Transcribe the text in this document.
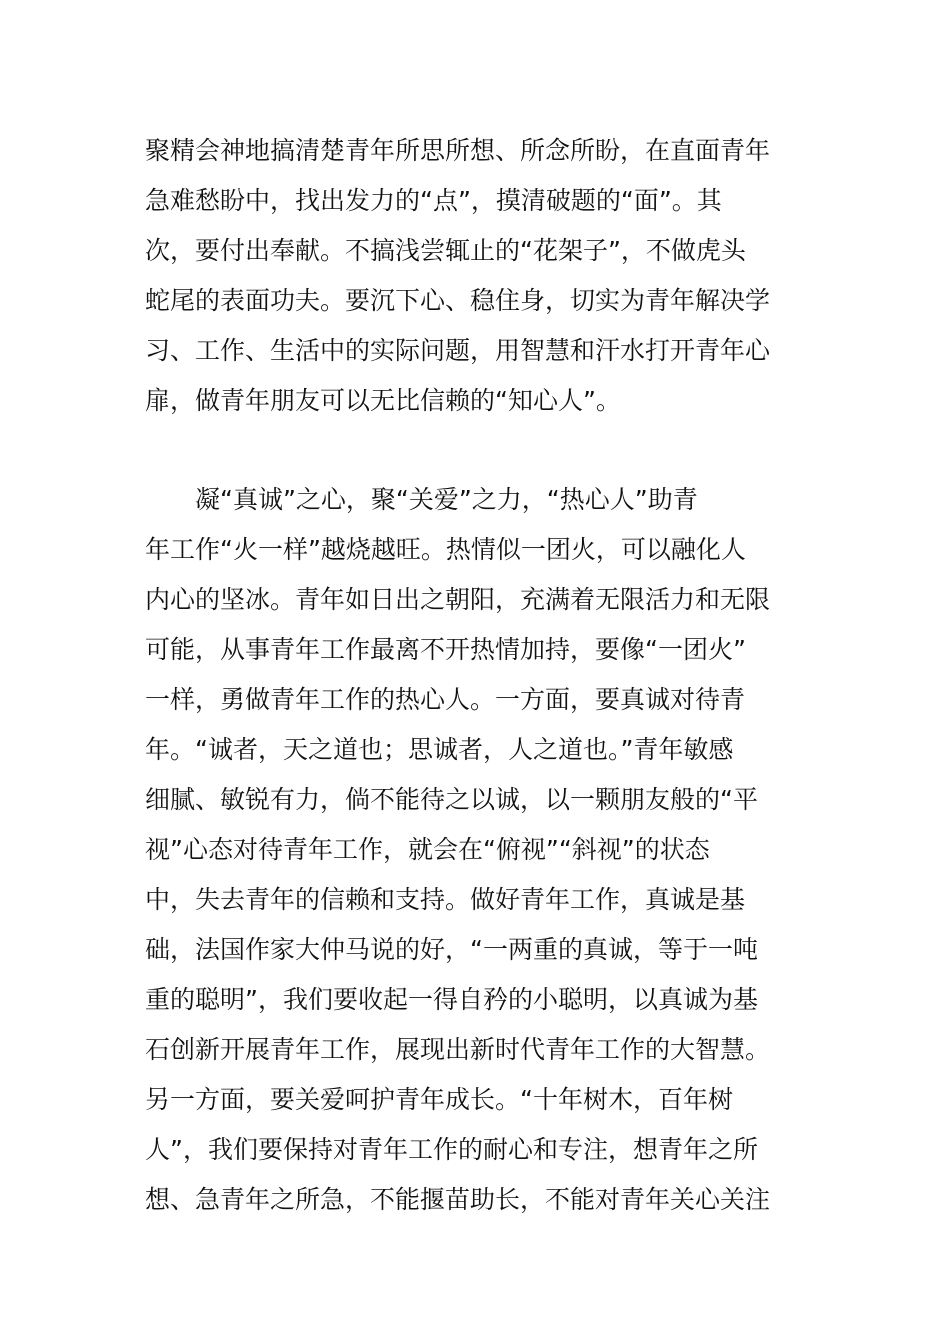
聚精会神地搞清楚青年所思所想、所念所盼，在直面青年
急难愁盼中，找出发力的“点”，摸清破题的“面”。其
次，要付出奉献。不搞浅尝辄止的“花架子”，不做虎头
蛇尾的表面功夫。要沉下心、稳住身，切实为青年解决学
习、工作、生活中的实际问题，用智慧和汗水打开青年心
扉，做青年朋友可以无比信赖的“知心人”。
　　凝“真诚”之心，聚“关爱”之力，“热心人”助青
年工作“火一样”越烧越旺。热情似一团火，可以融化人
内心的坚冰。青年如日出之朝阳，充满着无限活力和无限
可能，从事青年工作最离不开热情加持，要像“一团火”
一样，勇做青年工作的热心人。一方面，要真诚对待青
年。“诚者，天之道也；思诚者，人之道也。”青年敏感
细腻、敏锐有力，倘不能待之以诚，以一颗朋友般的“平
视”心态对待青年工作，就会在“俯视”“斜视”的状态
中，失去青年的信赖和支持。做好青年工作，真诚是基
础，法国作家大仲马说的好，“一两重的真诚，等于一吨
重的聪明”，我们要收起一得自矜的小聪明，以真诚为基
石创新开展青年工作，展现出新时代青年工作的大智慧。
另一方面，要关爱呵护青年成长。“十年树木，百年树
人”，我们要保持对青年工作的耐心和专注，想青年之所
想、急青年之所急，不能揠苗助长，不能对青年关心关注
